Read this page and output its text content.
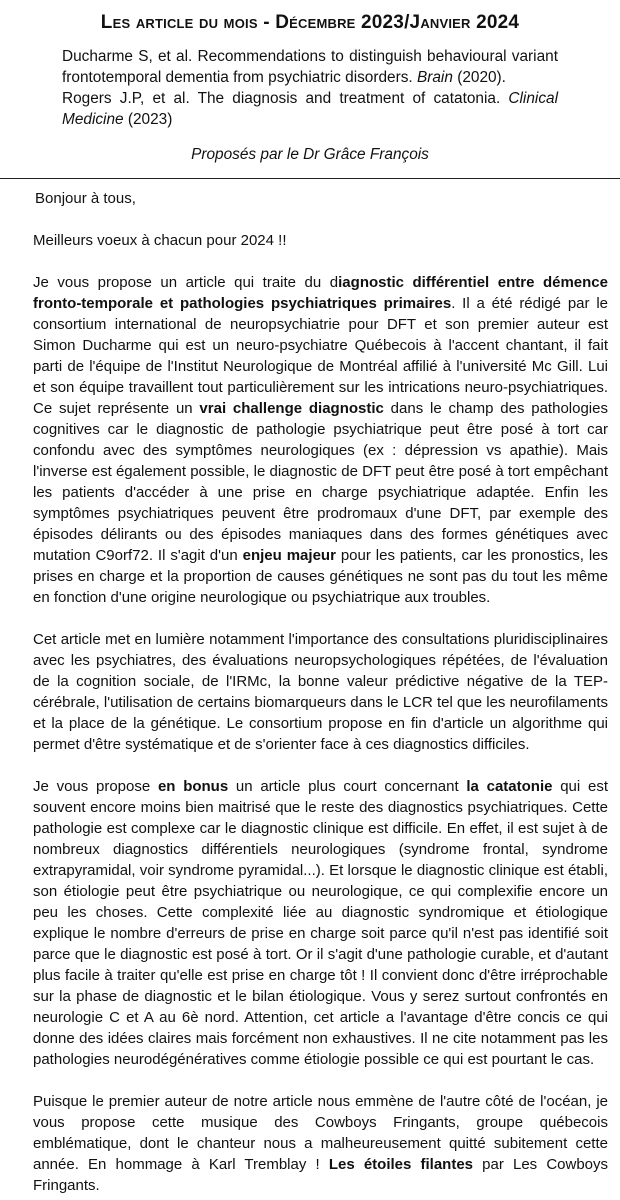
Les article du mois - Décembre 2023/Janvier 2024

Ducharme S, et al. Recommendations to distinguish behavioural variant frontotemporal dementia from psychiatric disorders. Brain (2020).

Rogers J.P, et al. The diagnosis and treatment of catatonia. Clinical Medicine (2023)

Proposés par le Dr Grâce François

Bonjour à tous,

Meilleurs voeux à chacun pour 2024 !!

Je vous propose un article qui traite du diagnostic différentiel entre démence fronto-temporale et pathologies psychiatriques primaires. Il a été rédigé par le consortium international de neuropsychiatrie pour DFT et son premier auteur est Simon Ducharme qui est un neuro-psychiatre Québecois à l'accent chantant, il fait parti de l'équipe de l'Institut Neurologique de Montréal affilié à l'université Mc Gill. Lui et son équipe travaillent tout particulièrement sur les intrications neuro-psychiatriques. Ce sujet représente un vrai challenge diagnostic dans le champ des pathologies cognitives car le diagnostic de pathologie psychiatrique peut être posé à tort car confondu avec des symptômes neurologiques (ex : dépression vs apathie). Mais l'inverse est également possible, le diagnostic de DFT peut être posé à tort empêchant les patients d'accéder à une prise en charge psychiatrique adaptée. Enfin les symptômes psychiatriques peuvent être prodromaux d'une DFT, par exemple des épisodes délirants ou des épisodes maniaques dans des formes génétiques avec mutation C9orf72. Il s'agit d'un enjeu majeur pour les patients, car les pronostics, les prises en charge et la proportion de causes génétiques ne sont pas du tout les même en fonction d'une origine neurologique ou psychiatrique aux troubles.

Cet article met en lumière notamment l'importance des consultations pluridisciplinaires avec les psychiatres, des évaluations neuropsychologiques répétées, de l'évaluation de la cognition sociale, de l'IRMc, la bonne valeur prédictive négative de la TEP-cérébrale, l'utilisation de certains biomarqueurs dans le LCR tel que les neurofilaments et la place de la génétique. Le consortium propose en fin d'article un algorithme qui permet d'être systématique et de s'orienter face à ces diagnostics difficiles.

Je vous propose en bonus un article plus court concernant la catatonie qui est souvent encore moins bien maitrisé que le reste des diagnostics psychiatriques. Cette pathologie est complexe car le diagnostic clinique est difficile. En effet, il est sujet à de nombreux diagnostics différentiels neurologiques (syndrome frontal, syndrome extrapyramidal, voir syndrome pyramidal...). Et lorsque le diagnostic clinique est établi, son étiologie peut être psychiatrique ou neurologique, ce qui complexifie encore un peu les choses. Cette complexité liée au diagnostic syndromique et étiologique explique le nombre d'erreurs de prise en charge soit parce qu'il n'est pas identifié soit parce que le diagnostic est posé à tort. Or il s'agit d'une pathologie curable, et d'autant plus facile à traiter qu'elle est prise en charge tôt ! Il convient donc d'être irréprochable sur la phase de diagnostic et le bilan étiologique. Vous y serez surtout confrontés en neurologie C et A au 6è nord. Attention, cet article a l'avantage d'être concis ce qui donne des idées claires mais forcément non exhaustives. Il ne cite notamment pas les pathologies neurodégénératives comme étiologie possible ce qui est pourtant le cas.

Puisque le premier auteur de notre article nous emmène de l'autre côté de l'océan, je vous propose cette musique des Cowboys Fringants, groupe québecois emblématique, dont le chanteur nous a malheureusement quitté subitement cette année. En hommage à Karl Tremblay ! Les étoiles filantes par Les Cowboys Fringants.
